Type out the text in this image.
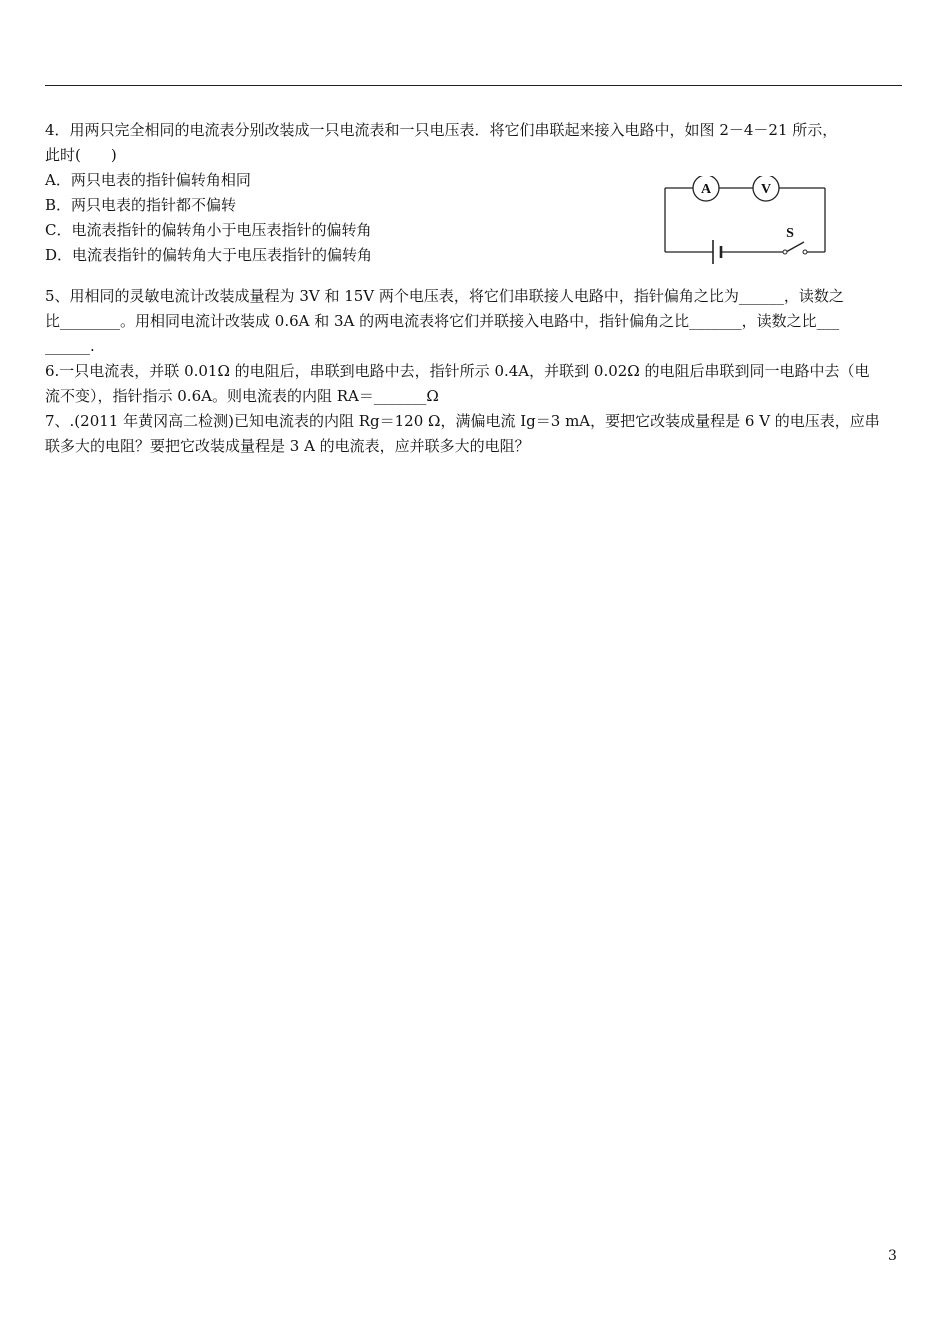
4．用两只完全相同的电流表分别改装成一只电流表和一只电压表．将它们串联起来接入电路中，如图 2－4－21 所示，

此时(　　)

A．两只电表的指针偏转角相同

B．两只电表的指针都不偏转

C．电流表指针的偏转角小于电压表指针的偏转角

D．电流表指针的偏转角大于电压表指针的偏转角

5、用相同的灵敏电流计改装成量程为 3V 和 15V 两个电压表，将它们串联接人电路中，指针偏角之比为______，读数之

比________。用相同电流计改装成 0.6A 和 3A 的两电流表将它们并联接入电路中，指针偏角之比_______，读数之比___

______.

6.一只电流表，并联 0.01Ω 的电阻后，串联到电路中去，指针所示 0.4A，并联到 0.02Ω 的电阻后串联到同一电路中去（电

流不变），指针指示 0.6A。则电流表的内阻 RA＝_______Ω

7、.(2011 年黄冈高二检测)已知电流表的内阻 Rg＝120 Ω，满偏电流 Ig＝3 mA，要把它改装成量程是 6 V 的电压表，应串

联多大的电阻？要把它改装成量程是 3 A 的电流表，应并联多大的电阻？

A	V
S
3
